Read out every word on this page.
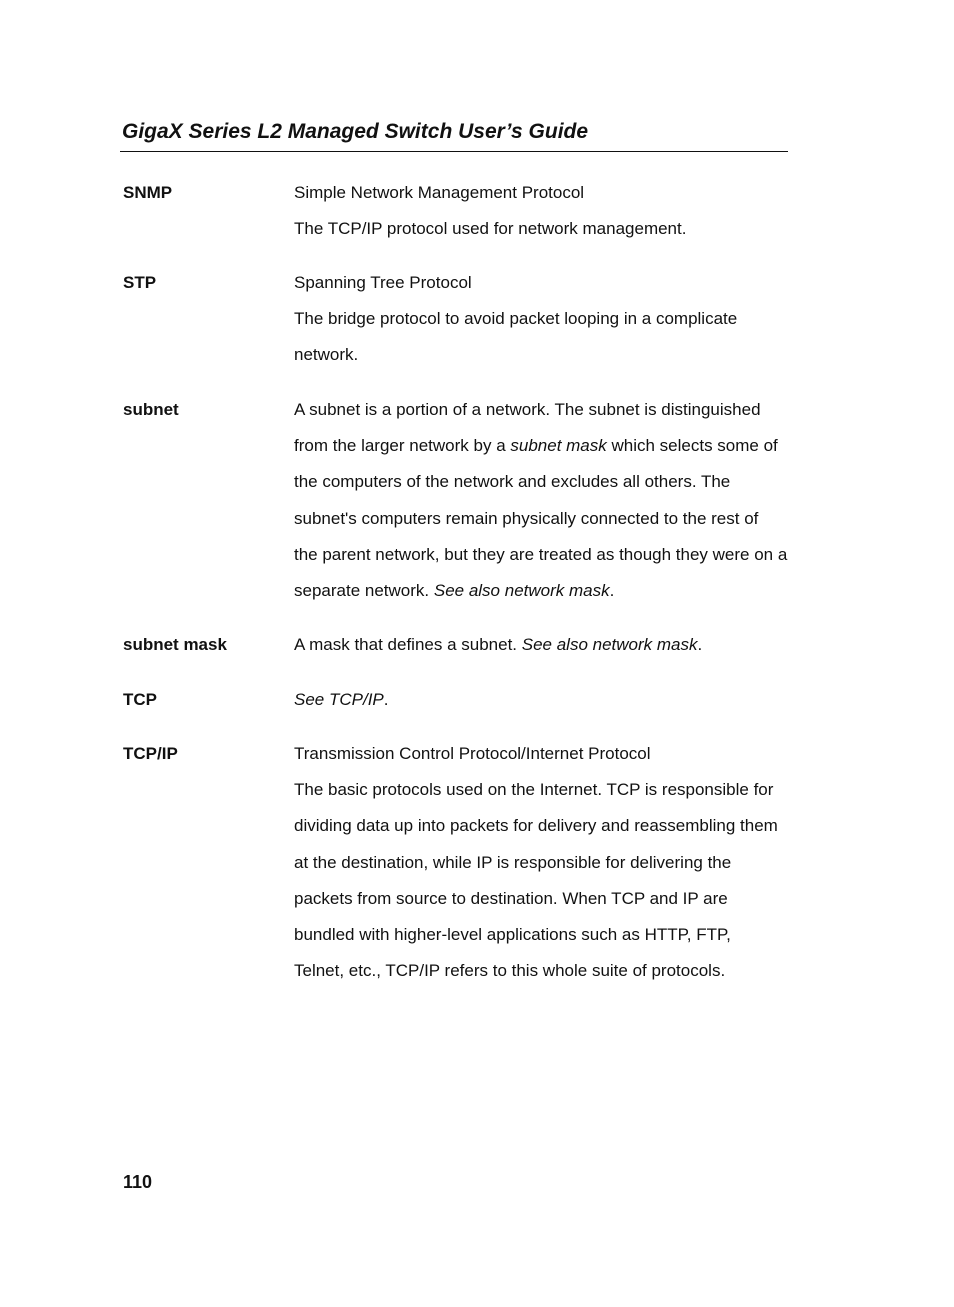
GigaX Series L2 Managed Switch User’s Guide
SNMP	Simple Network Management Protocol
The TCP/IP protocol used for network management.
STP	Spanning Tree Protocol
The bridge protocol to avoid packet looping in a complicate
network.
subnet	A subnet is a portion of a network. The subnet is distinguished
from the larger network by a subnet mask which selects some of
the computers of the network and excludes all others. The
subnet's computers remain physically connected to the rest of
the parent network, but they are treated as though they were on a
separate network. See also network mask.
subnet mask	A mask that defines a subnet. See also network mask.
TCP	See TCP/IP.
TCP/IP	Transmission Control Protocol/Internet Protocol
The basic protocols used on the Internet. TCP is responsible for
dividing data up into packets for delivery and reassembling them
at the destination, while IP is responsible for delivering the
packets from source to destination. When TCP and IP are
bundled with higher-level applications such as HTTP, FTP,
Telnet, etc., TCP/IP refers to this whole suite of protocols.
110
